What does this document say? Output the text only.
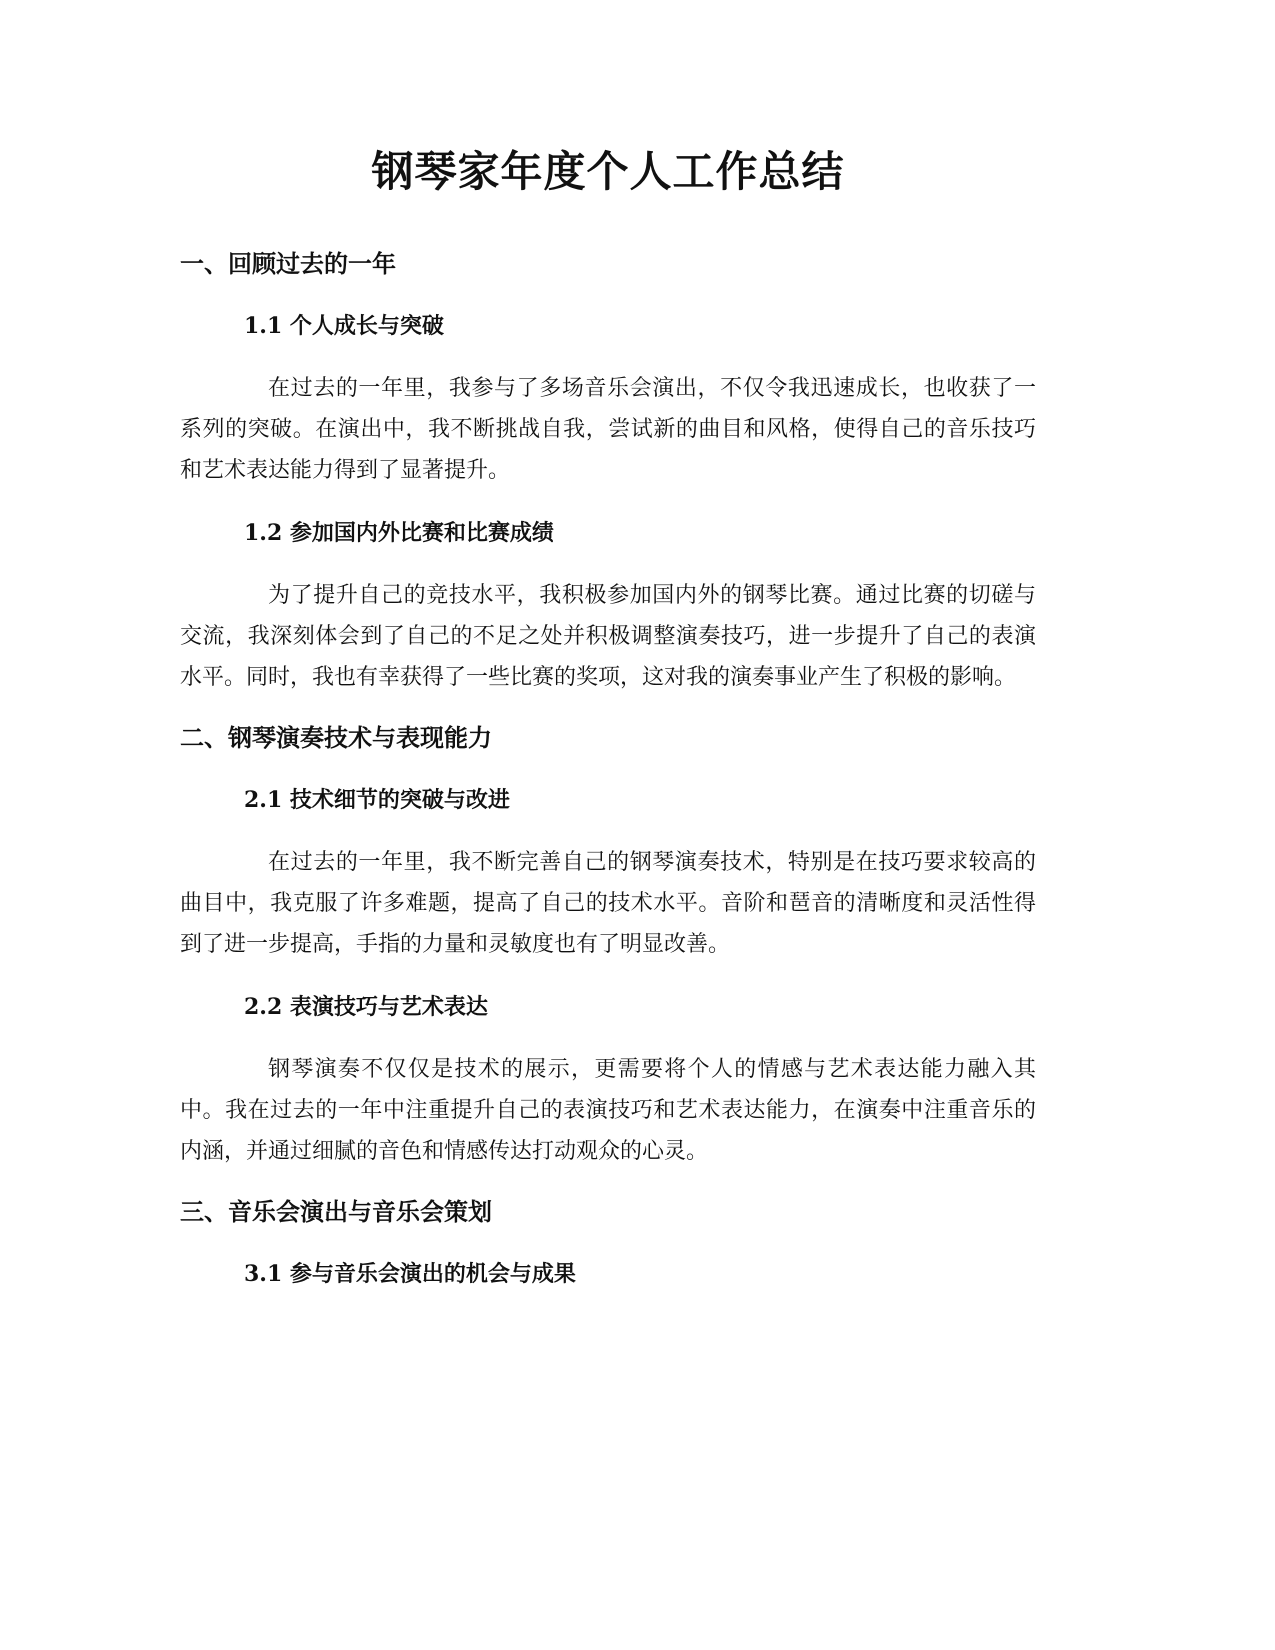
钢琴家年度个人工作总结
一、回顾过去的一年
1.1 个人成长与突破

在过去的一年里，我参与了多场音乐会演出，不仅令我迅速成长，也收获了一系列的突破。在演出中，我不断挑战自我，尝试新的曲目和风格，使得自己的音乐技巧和艺术表达能力得到了显著提升。

1.2 参加国内外比赛和比赛成绩

为了提升自己的竞技水平，我积极参加国内外的钢琴比赛。通过比赛的切磋与交流，我深刻体会到了自己的不足之处并积极调整演奏技巧，进一步提升了自己的表演水平。同时，我也有幸获得了一些比赛的奖项，这对我的演奏事业产生了积极的影响。

二、钢琴演奏技术与表现能力
2.1 技术细节的突破与改进

在过去的一年里，我不断完善自己的钢琴演奏技术，特别是在技巧要求较高的曲目中，我克服了许多难题，提高了自己的技术水平。音阶和琶音的清晰度和灵活性得到了进一步提高，手指的力量和灵敏度也有了明显改善。

2.2 表演技巧与艺术表达

钢琴演奏不仅仅是技术的展示，更需要将个人的情感与艺术表达能力融入其中。我在过去的一年中注重提升自己的表演技巧和艺术表达能力，在演奏中注重音乐的内涵，并通过细腻的音色和情感传达打动观众的心灵。

三、音乐会演出与音乐会策划
3.1 参与音乐会演出的机会与成果
